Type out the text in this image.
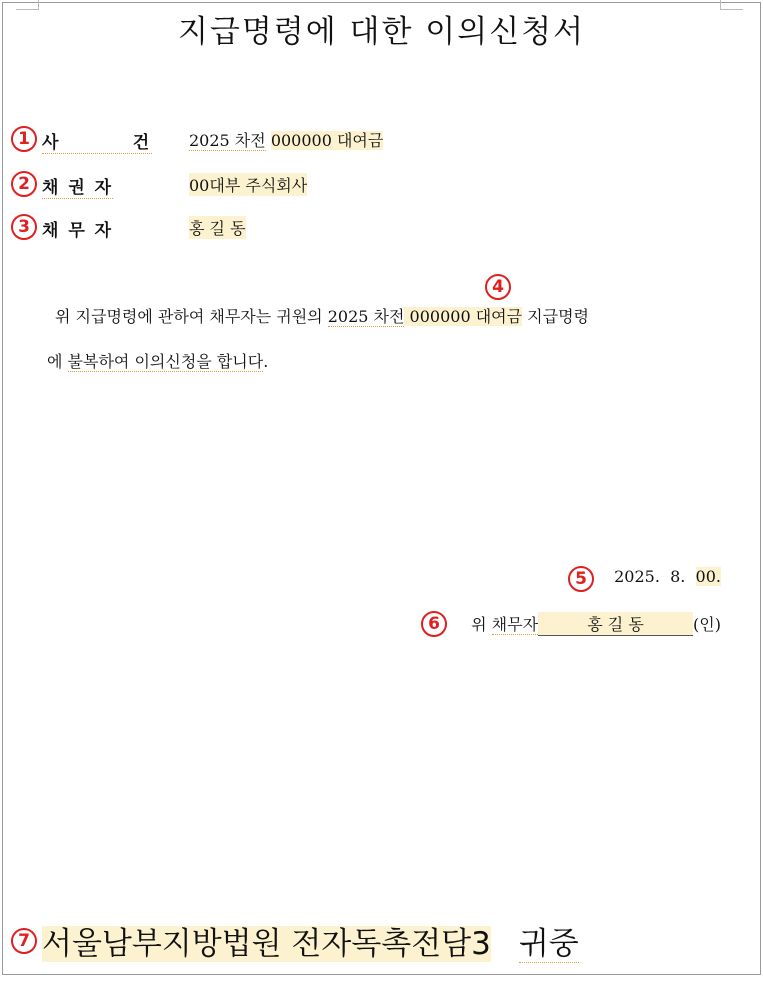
지급명령에 대한 이의신청서
1 사        건 2025 차전 000000 대여금
2 채 권 자	00대부 주식회사
3 채 무 자	홍 길 동
4
위 지급명령에 관하여 채무자는 귀원의 2025 차전 000000 대여금 지급명령
에 불복하여 이의신청을 합니다.
5	2025. 8. 00.
6	위 채무자	홍 길 동	(인)
7 서울남부지방법원 전자독촉전담3 귀중
